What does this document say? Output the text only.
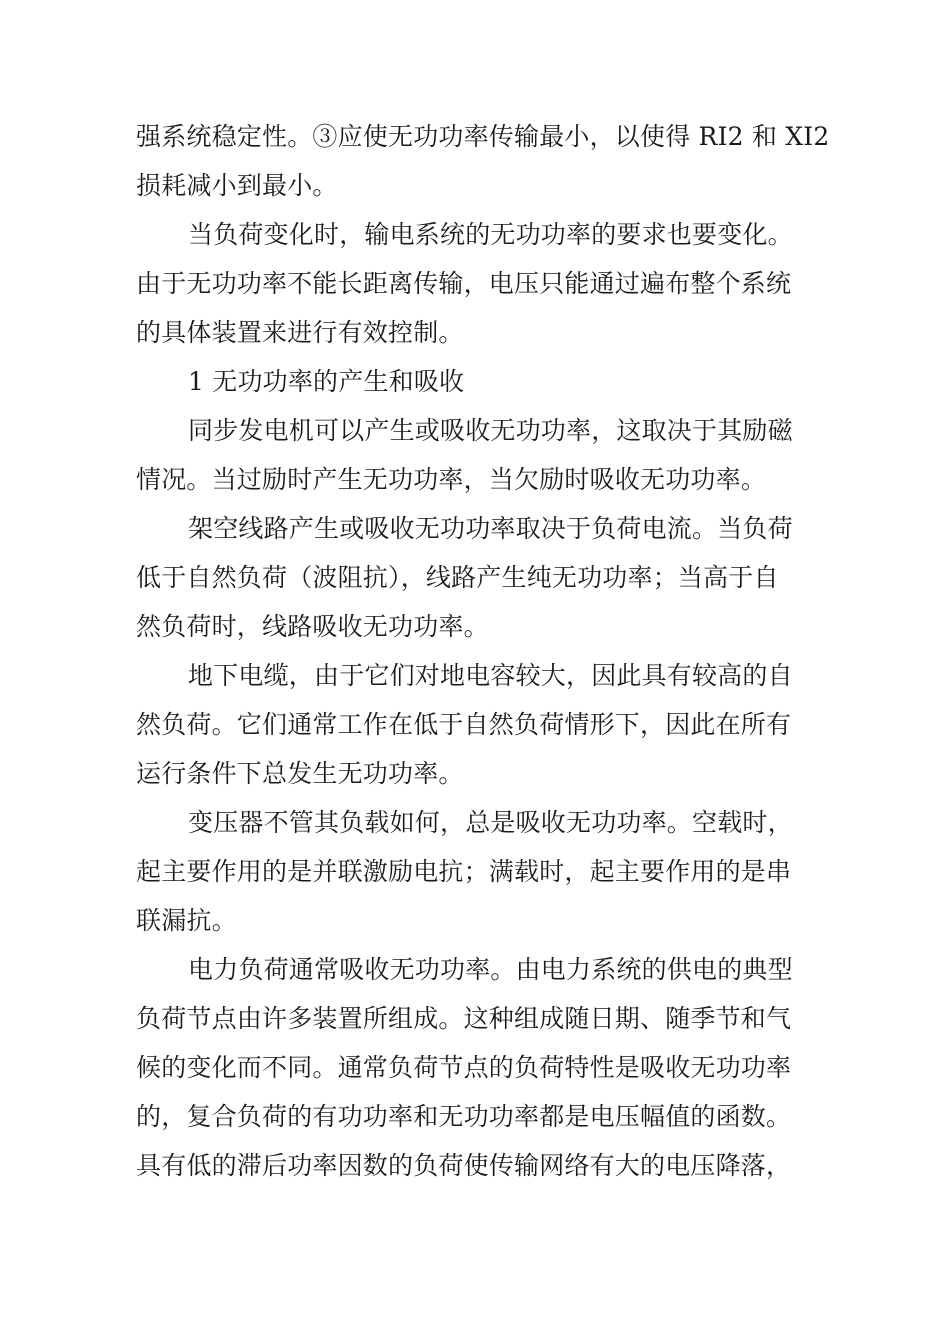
强系统稳定性。③应使无功功率传输最小，以使得 RI2 和 XI2
损耗减小到最小。
当负荷变化时，输电系统的无功功率的要求也要变化。
由于无功功率不能长距离传输，电压只能通过遍布整个系统
的具体装置来进行有效控制。
1 无功功率的产生和吸收
同步发电机可以产生或吸收无功功率，这取决于其励磁
情况。当过励时产生无功功率，当欠励时吸收无功功率。
架空线路产生或吸收无功功率取决于负荷电流。当负荷
低于自然负荷（波阻抗），线路产生纯无功功率；当高于自
然负荷时，线路吸收无功功率。
地下电缆，由于它们对地电容较大，因此具有较高的自
然负荷。它们通常工作在低于自然负荷情形下，因此在所有
运行条件下总发生无功功率。
变压器不管其负载如何，总是吸收无功功率。空载时，
起主要作用的是并联激励电抗；满载时，起主要作用的是串
联漏抗。
电力负荷通常吸收无功功率。由电力系统的供电的典型
负荷节点由许多装置所组成。这种组成随日期、随季节和气
候的变化而不同。通常负荷节点的负荷特性是吸收无功功率
的，复合负荷的有功功率和无功功率都是电压幅值的函数。
具有低的滞后功率因数的负荷使传输网络有大的电压降落，
